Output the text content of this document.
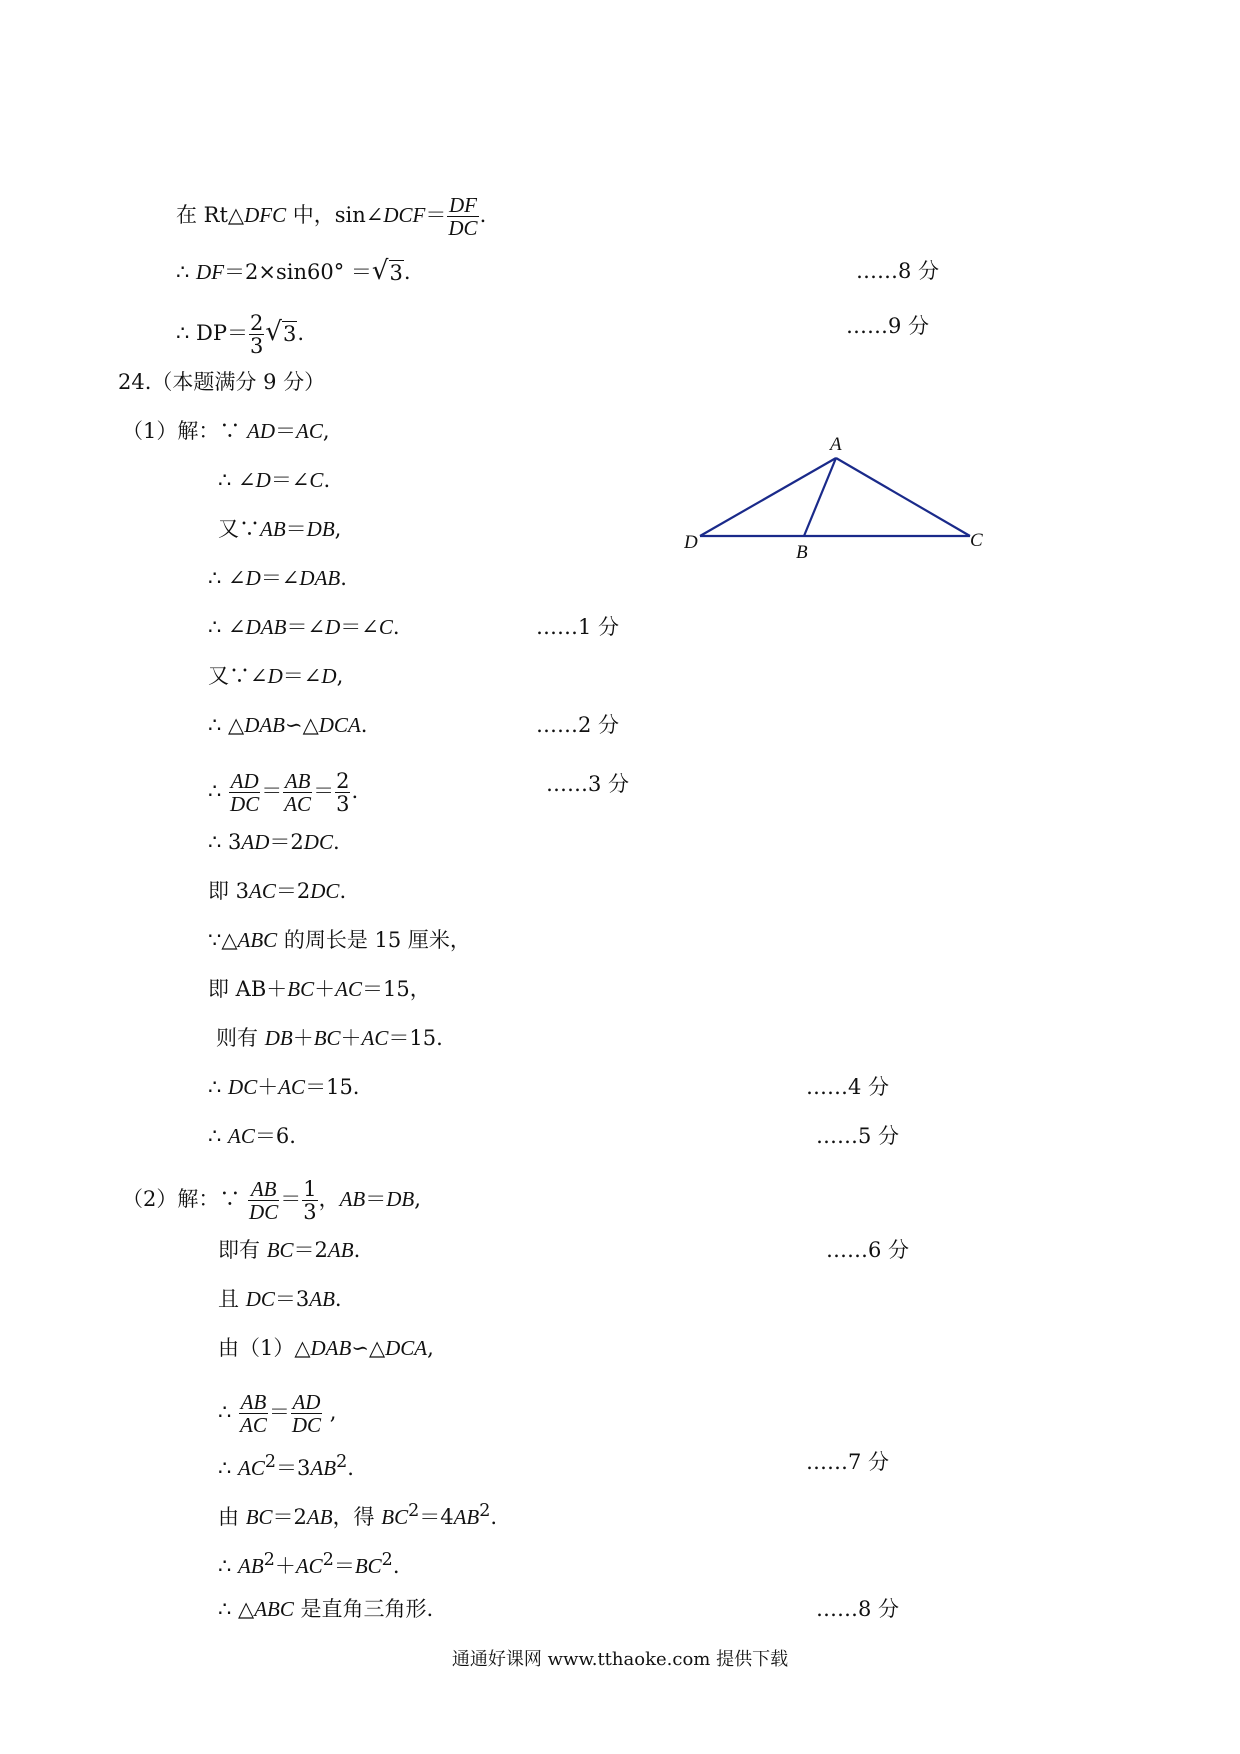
在 Rt△DFC 中，sin∠DCF＝ $\frac{DF}{DC}$ .
∴ DF＝2×sin60° ＝ √ 3 .	……8 分
∴ $DP= \frac{2}{3}$ √ 3 .	……9 分
24.（本题满分 9 分）
（1）解：∵ AD＝AC,
∴ ∠D＝∠C.
又∵AB＝DB,
∴ ∠D＝∠DAB.
∴ ∠DAB＝∠D＝∠C.	……1 分
又∵∠D＝∠D,
∴ △DAB∽△DCA.	……2 分
∴ $\frac{AD}{DC} = \frac{AB}{AC} = \frac{2}{3}$ .	……3 分
∴ 3AD＝2DC.
即 3AC＝2DC.
∵△ABC 的周长是 15 厘米，
即 AB＋BC＋AC＝15，
则有 DB＋BC＋AC＝15.
∴ DC＋AC＝15.	……4 分
∴ AC＝6.	……5 分
（2）解：∵ $\frac{AB}{DC} = \frac{1}{3}$ ，AB＝DB,
即有 BC＝2AB.	……6 分
且 DC＝3AB.
由（1）△DAB∽△DCA,
∴ $\frac{AB}{AC} = \frac{AD}{DC}$ ,
∴ $AC^2=3AB^2$.	……7 分
由 BC＝2AB，得 $BC^2=4AB^2$.
∴ $AB^2+AC^2=BC^2$.
∴ △ABC 是直角三角形.	……8 分
A
D	B
C
通通好课网 www.tthaoke.com 提供下载
